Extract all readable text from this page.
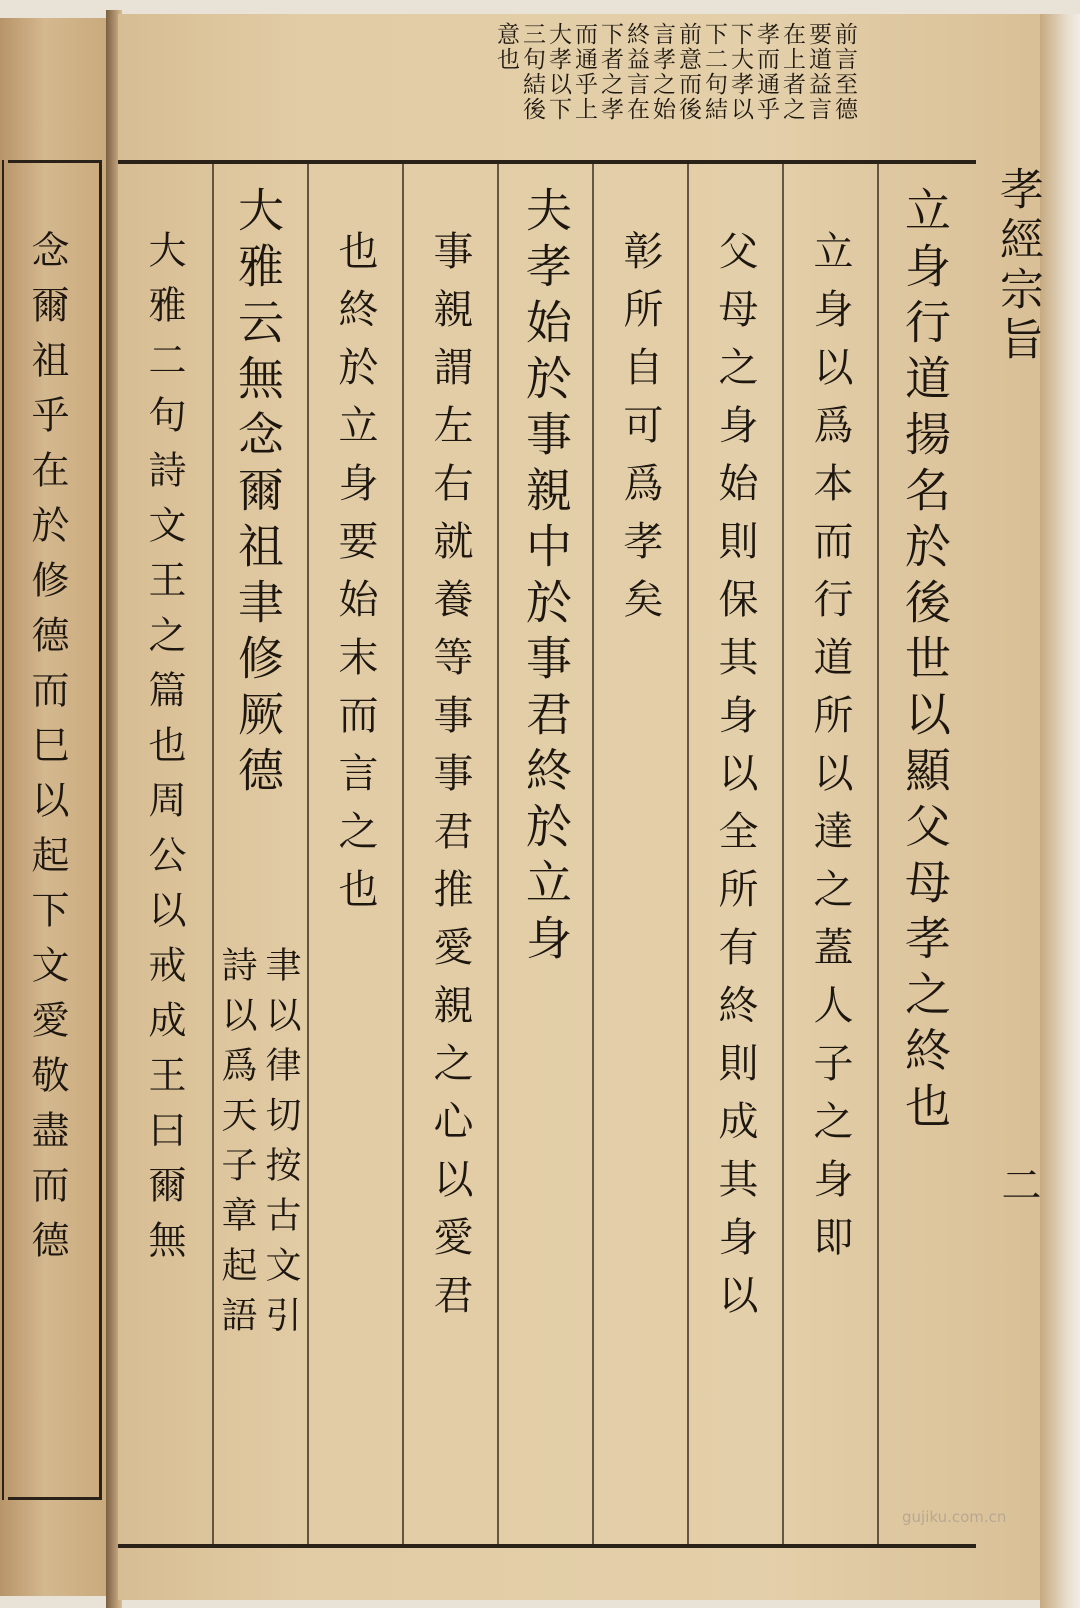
念爾祖乎在於修德而巳以起下文愛敬盡而德	孝經宗旨
二
前言至德
要道益言
在上者之
孝而通乎
下大孝以
下二句結
前意而後
言孝之始
終益言在
下者之孝
而通乎上
大孝以下
三句結後
意也
立身行道揚名於後世以顯父母孝之終也
立身以爲本而行道所以達之蓋人子之身即
父母之身始則保其身以全所有終則成其身以
彰所自可爲孝矣
夫孝始於事親中於事君終於立身
事親謂左右就養等事事君推愛親之心以愛君
也終於立身要始末而言之也
大雅云無念爾祖聿修厥德
聿以律切按古文引
詩以爲天子章起語
大雅二句詩文王之篇也周公以戒成王曰爾無
gujiku.com.cn
